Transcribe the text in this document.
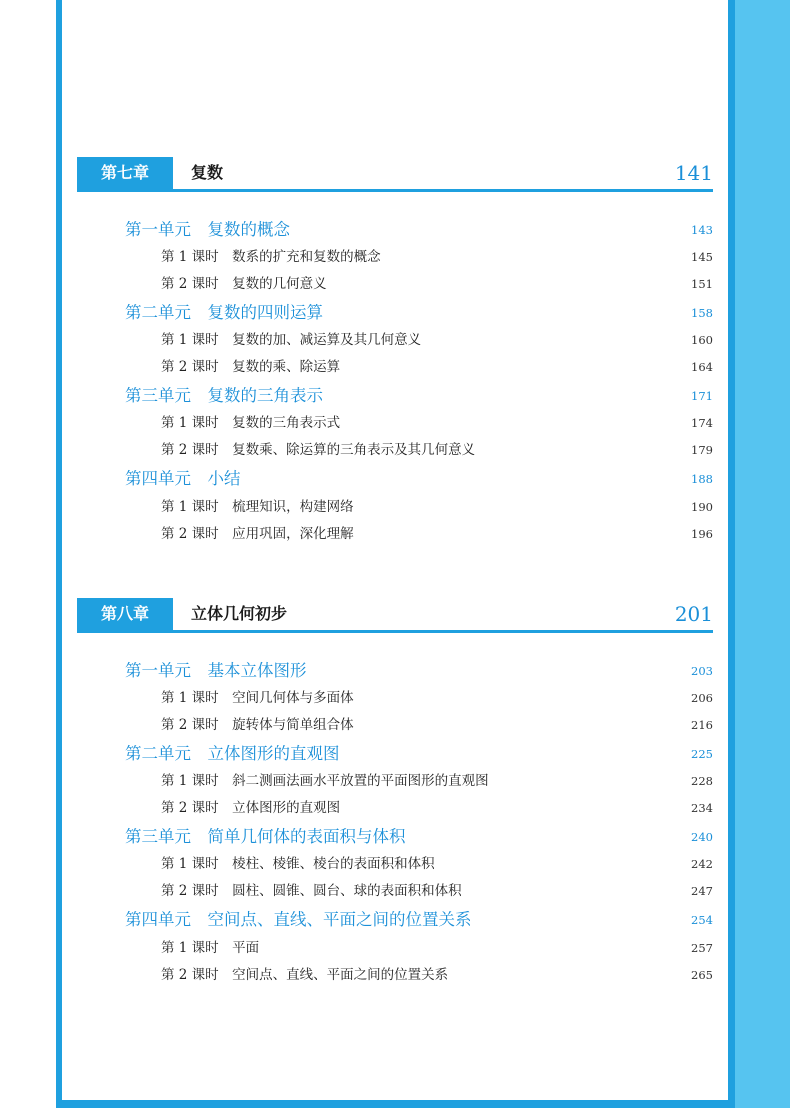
第七章	复数	141
第一单元　复数的概念	143
第 1 课时　数系的扩充和复数的概念	145
第 2 课时　复数的几何意义	151
第二单元　复数的四则运算	158
第 1 课时　复数的加、减运算及其几何意义	160
第 2 课时　复数的乘、除运算	164
第三单元　复数的三角表示	171
第 1 课时　复数的三角表示式	174
第 2 课时　复数乘、除运算的三角表示及其几何意义	179
第四单元　小结	188
第 1 课时　梳理知识，构建网络	190
第 2 课时　应用巩固，深化理解	196
第八章	立体几何初步	201
第一单元　基本立体图形	203
第 1 课时　空间几何体与多面体	206
第 2 课时　旋转体与简单组合体	216
第二单元　立体图形的直观图	225
第 1 课时　斜二测画法画水平放置的平面图形的直观图	228
第 2 课时　立体图形的直观图	234
第三单元　简单几何体的表面积与体积	240
第 1 课时　棱柱、棱锥、棱台的表面积和体积	242
第 2 课时　圆柱、圆锥、圆台、球的表面积和体积	247
第四单元　空间点、直线、平面之间的位置关系	254
第 1 课时　平面	257
第 2 课时　空间点、直线、平面之间的位置关系	265
